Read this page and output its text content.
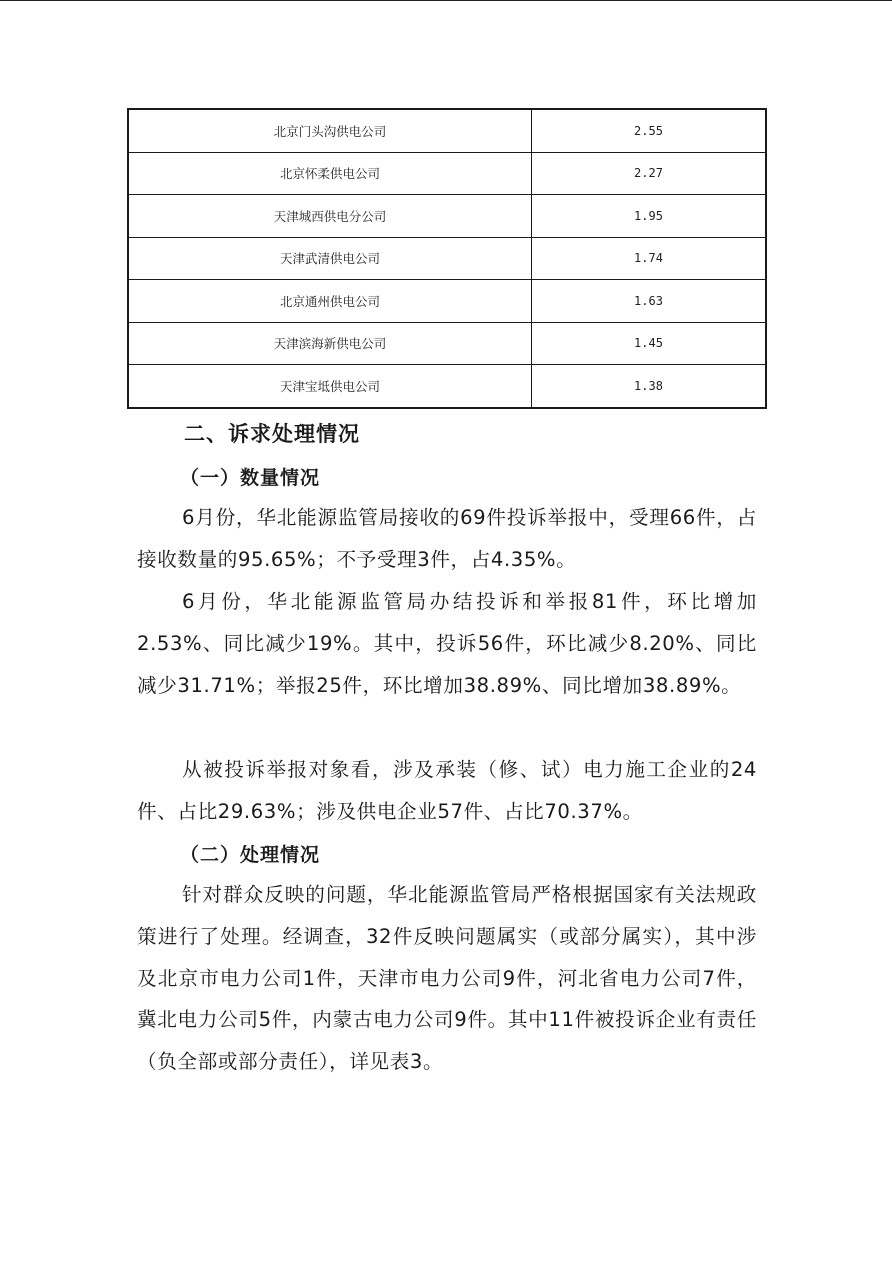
北京门头沟供电公司	2.55
北京怀柔供电公司	2.27
天津城西供电分公司	1.95
天津武清供电公司	1.74
北京通州供电公司	1.63
天津滨海新供电公司	1.45
天津宝坻供电公司	1.38
二、诉求处理情况
（一）数量情况

6月份，华北能源监管局接收的69件投诉举报中，受理66件，占接收数量的95.65%；不予受理3件，占4.35%。

6月份，华北能源监管局办结投诉和举报81件，环比增加2.53%、同比减少19%。其中，投诉56件，环比减少8.20%、同比减少31.71%；举报25件，环比增加38.89%、同比增加38.89%。

从被投诉举报对象看，涉及承装（修、试）电力施工企业的24件、占比29.63%；涉及供电企业57件、占比70.37%。

（二）处理情况

针对群众反映的问题，华北能源监管局严格根据国家有关法规政策进行了处理。经调查，32件反映问题属实（或部分属实），其中涉及北京市电力公司1件，天津市电力公司9件，河北省电力公司7件，冀北电力公司5件，内蒙古电力公司9件。其中11件被投诉企业有责任（负全部或部分责任），详见表3。
